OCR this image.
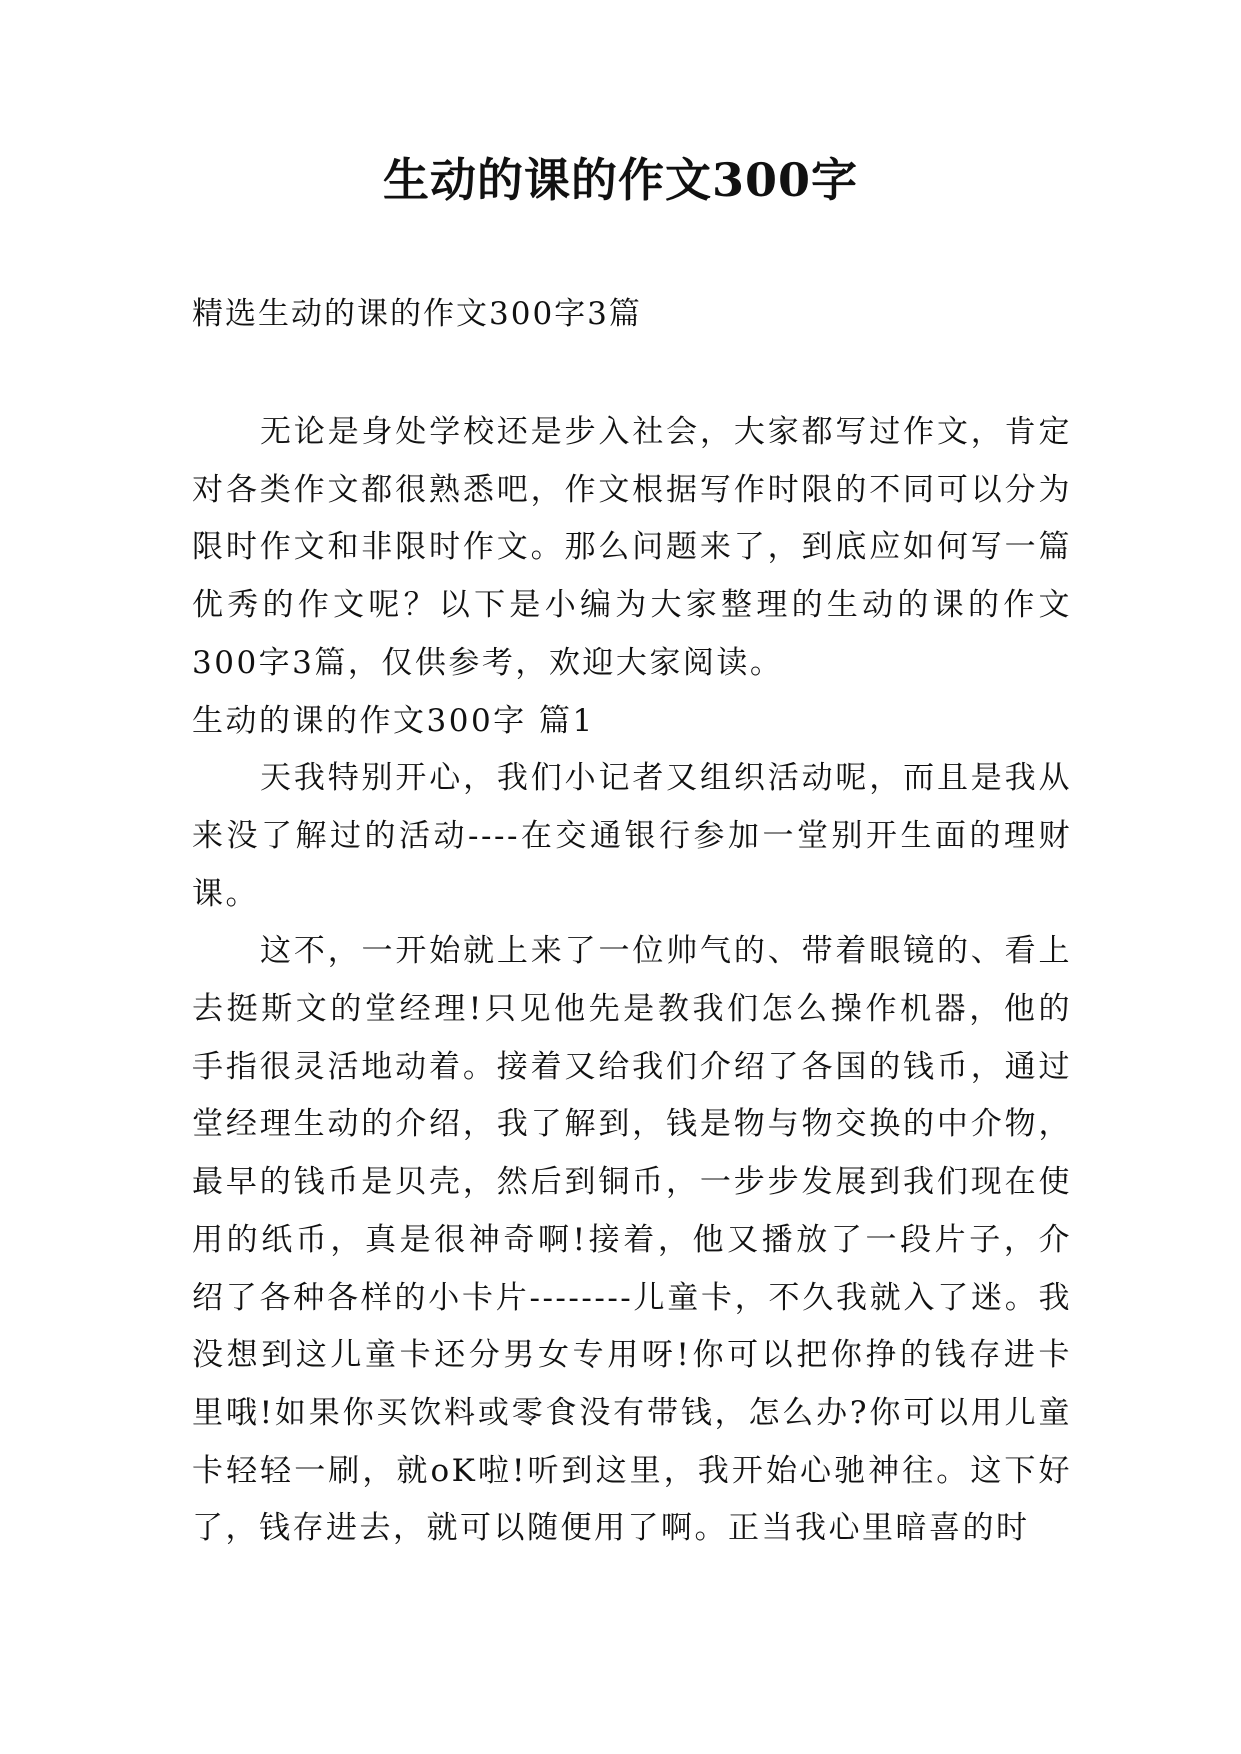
生动的课的作文300字

精选生动的课的作文300字3篇

无论是身处学校还是步入社会，大家都写过作文，肯定对各类作文都很熟悉吧，作文根据写作时限的不同可以分为限时作文和非限时作文。那么问题来了，到底应如何写一篇优秀的作文呢？以下是小编为大家整理的生动的课的作文300字3篇，仅供参考，欢迎大家阅读。

生动的课的作文300字 篇1

天我特别开心，我们小记者又组织活动呢，而且是我从来没了解过的活动----在交通银行参加一堂别开生面的理财课。

这不，一开始就上来了一位帅气的、带着眼镜的、看上去挺斯文的堂经理!只见他先是教我们怎么操作机器，他的手指很灵活地动着。接着又给我们介绍了各国的钱币，通过堂经理生动的介绍，我了解到，钱是物与物交换的中介物，最早的钱币是贝壳，然后到铜币，一步步发展到我们现在使用的纸币，真是很神奇啊!接着，他又播放了一段片子，介绍了各种各样的小卡片--------儿童卡，不久我就入了迷。我没想到这儿童卡还分男女专用呀!你可以把你挣的钱存进卡里哦!如果你买饮料或零食没有带钱，怎么办?你可以用儿童卡轻轻一刷，就oK啦!听到这里，我开始心驰神往。这下好了，钱存进去，就可以随便用了啊。正当我心里暗喜的时
